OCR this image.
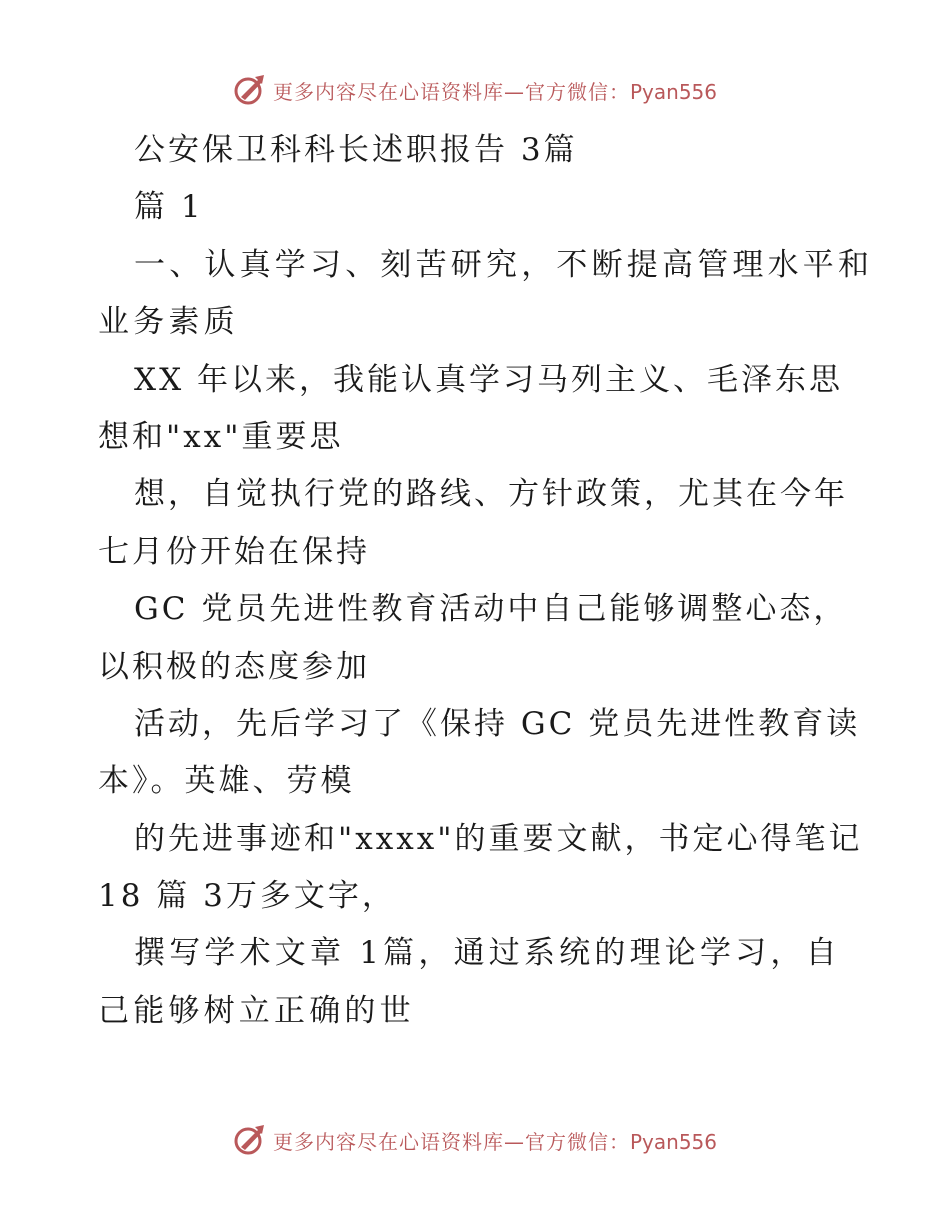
更多内容尽在心语资料库—官方微信：Pyan556
公安保卫科科长述职报告 3篇
篇 1
一、认真学习、刻苦研究，不断提高管理水平和
业务素质
XX 年以来，我能认真学习马列主义、毛泽东思
想和"xx"重要思
想，自觉执行党的路线、方针政策，尤其在今年
七月份开始在保持
GC 党员先进性教育活动中自己能够调整心态，
以积极的态度参加
活动，先后学习了《保持 GC 党员先进性教育读
本》。英雄、劳模
的先进事迹和"xxxx"的重要文献，书定心得笔记
18 篇 3万多文字，
撰写学术文章 1篇，通过系统的理论学习，自
己能够树立正确的世
更多内容尽在心语资料库—官方微信：Pyan556
